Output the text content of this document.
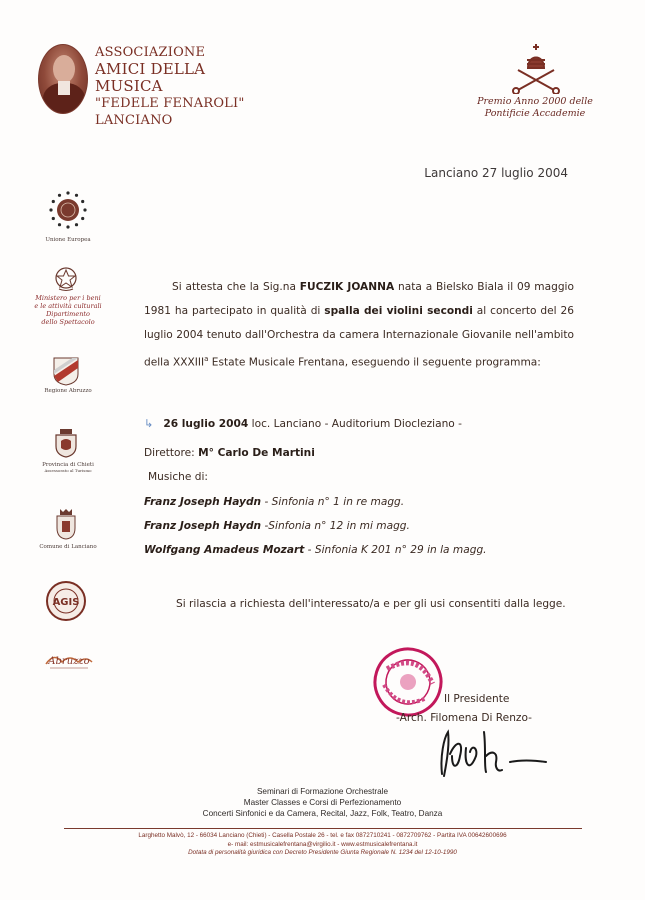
ASSOCIAZIONE
AMICI DELLA MUSICA
"FEDELE FENAROLI"
LANCIANO
Premio Anno 2000 delle
Pontificie Accademie
Lanciano 27 luglio 2004
Unione Europea
Ministero per i beni
e le attività culturali
Dipartimento
dello Spettacolo
Regione Abruzzo
Provincia di Chieti
Assessorato al Turismo
Comune di Lanciano
AGIS
Abruzzo
Si attesta che la Sig.na FUCZIK JOANNA nata a Bielsko Biala il 09 maggio 1981 ha partecipato in qualità di spalla dei violini secondi al concerto del 26 luglio 2004 tenuto dall'Orchestra da camera Internazionale Giovanile nell'ambito della XXXIII$^a$ Estate Musicale Frentana, eseguendo il seguente programma:
↳ 26 luglio 2004 loc. Lanciano - Auditorium Diocleziano -
Direttore: M° Carlo De Martini
Musiche di:
Franz Joseph Haydn - Sinfonia n° 1 in re magg.
Franz Joseph Haydn -Sinfonia n° 12 in mi magg.
Wolfgang Amadeus Mozart - Sinfonia K 201 n° 29 in la magg.
Si rilascia a richiesta dell'interessato/a e per gli usi consentiti dalla legge.
Il Presidente
-Arch. Filomena Di Renzo-
Seminari di Formazione Orchestrale
Master Classes e Corsi di Perfezionamento
Concerti Sinfonici e da Camera, Recital, Jazz, Folk, Teatro, Danza
Larghetto Malvò, 12 - 66034 Lanciano (Chieti) - Casella Postale 26 - tel. e fax 0872710241 - 0872709762 - Partita IVA 00642600696
e- mail: estmusicalefrentana@virgilio.it - www.estmusicalefrentana.it
Dotata di personalità giuridica con Decreto Presidente Giunta Regionale N. 1234 del 12-10-1990
